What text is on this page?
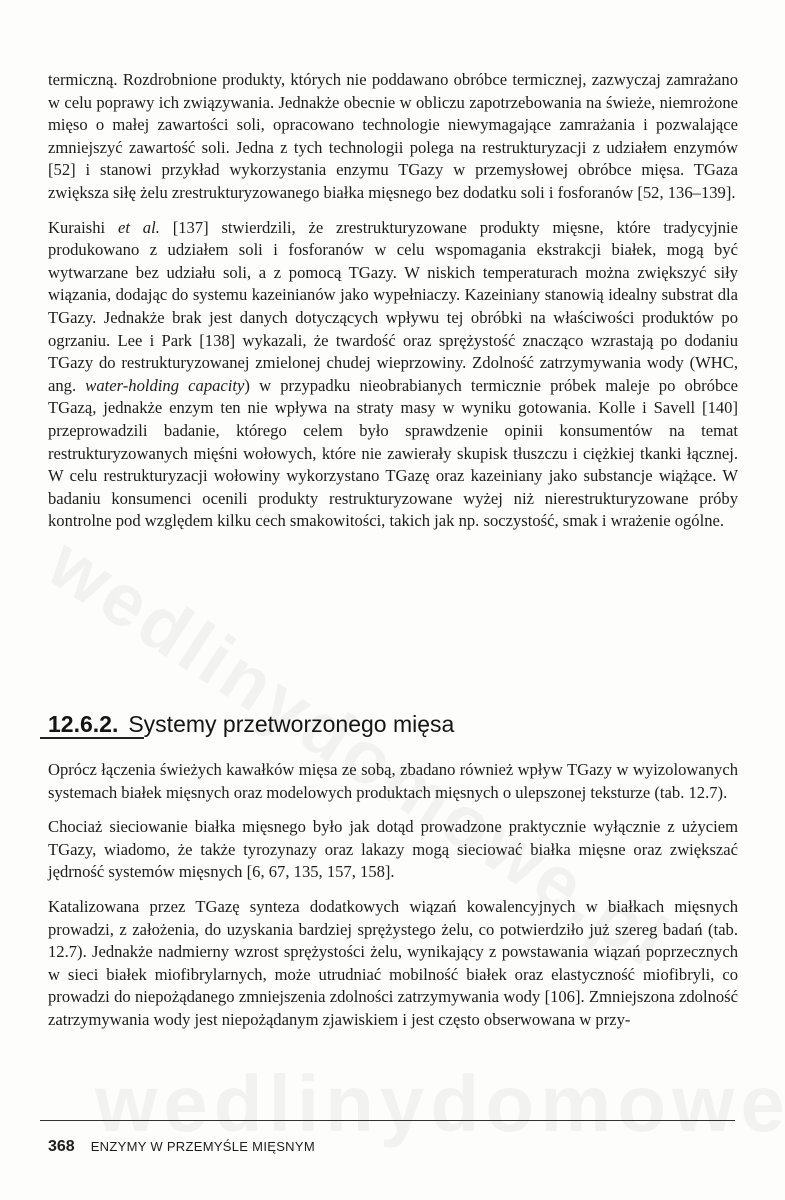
termiczną. Rozdrobnione produkty, których nie poddawano obróbce termicznej, zazwyczaj zamrażano w celu poprawy ich związywania. Jednakże obecnie w obliczu zapotrzebowania na świeże, niemrożone mięso o małej zawartości soli, opracowano technologie niewymagające zamrażania i pozwalające zmniejszyć zawartość soli. Jedna z tych technologii polega na restrukturyzacji z udziałem enzymów [52] i stanowi przykład wykorzystania enzymu TGazy w przemysłowej obróbce mięsa. TGaza zwiększa siłę żelu zrestrukturyzowanego białka mięsnego bez dodatku soli i fosforanów [52, 136–139].

Kuraishi et al. [137] stwierdzili, że zrestrukturyzowane produkty mięsne, które tradycyjnie produkowano z udziałem soli i fosforanów w celu wspomagania ekstrakcji białek, mogą być wytwarzane bez udziału soli, a z pomocą TGazy. W niskich temperaturach można zwiększyć siły wiązania, dodając do systemu kazeinianów jako wypełniaczy. Kazeiniany stanowią idealny substrat dla TGazy. Jednakże brak jest danych dotyczących wpływu tej obróbki na właściwości produktów po ogrzaniu. Lee i Park [138] wykazali, że twardość oraz sprężystość znacząco wzrastają po dodaniu TGazy do restrukturyzowanej zmielonej chudej wieprzowiny. Zdolność zatrzymywania wody (WHC, ang. water-holding capacity) w przypadku nieobrabianych termicznie próbek maleje po obróbce TGazą, jednakże enzym ten nie wpływa na straty masy w wyniku gotowania. Kolle i Savell [140] przeprowadzili badanie, którego celem było sprawdzenie opinii konsumentów na temat restrukturyzowanych mięśni wołowych, które nie zawierały skupisk tłuszczu i ciężkiej tkanki łącznej. W celu restrukturyzacji wołowiny wykorzystano TGazę oraz kazeiniany jako substancje wiążące. W badaniu konsumenci ocenili produkty restrukturyzowane wyżej niż nierestrukturyzowane próby kontrolne pod względem kilku cech smakowitości, takich jak np. soczystość, smak i wrażenie ogólne.

12.6.2. Systemy przetworzonego mięsa

Oprócz łączenia świeżych kawałków mięsa ze sobą, zbadano również wpływ TGazy w wyizolowanych systemach białek mięsnych oraz modelowych produktach mięsnych o ulepszonej teksturze (tab. 12.7).

Chociaż sieciowanie białka mięsnego było jak dotąd prowadzone praktycznie wyłącznie z użyciem TGazy, wiadomo, że także tyrozynazy oraz lakazy mogą sieciować białka mięsne oraz zwiększać jędrność systemów mięsnych [6, 67, 135, 157, 158].

Katalizowana przez TGazę synteza dodatkowych wiązań kowalencyjnych w białkach mięsnych prowadzi, z założenia, do uzyskania bardziej sprężystego żelu, co potwierdziło już szereg badań (tab. 12.7). Jednakże nadmierny wzrost sprężystości żelu, wynikający z powstawania wiązań poprzecznych w sieci białek miofibrylarnych, może utrudniać mobilność białek oraz elastyczność miofibryli, co prowadzi do niepożądanego zmniejszenia zdolności zatrzymywania wody [106]. Zmniejszona zdolność zatrzymywania wody jest niepożądanym zjawiskiem i jest często obserwowana w przy-

368 ENZYMY W PRZEMYŚLE MIĘSNYM
